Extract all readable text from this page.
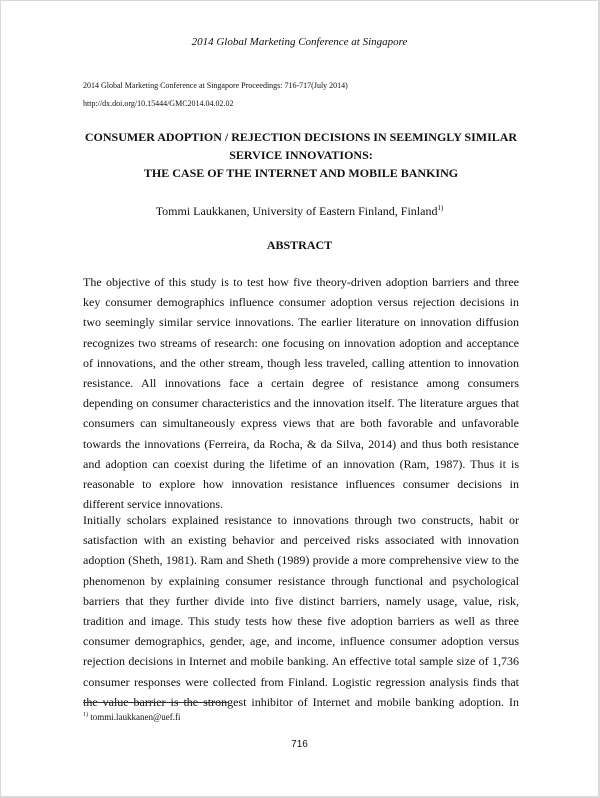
2014 Global Marketing Conference at Singapore
2014 Global Marketing Conference at Singapore Proceedings: 716-717(July 2014)
http://dx.doi.org/10.15444/GMC2014.04.02.02
CONSUMER ADOPTION / REJECTION DECISIONS IN SEEMINGLY SIMILAR
SERVICE INNOVATIONS:
THE CASE OF THE INTERNET AND MOBILE BANKING
Tommi Laukkanen, University of Eastern Finland, Finland$^{1)}$
ABSTRACT
The objective of this study is to test how five theory-driven adoption barriers and three
key consumer demographics influence consumer adoption versus rejection decisions in
two seemingly similar service innovations. The earlier literature on innovation diffusion
recognizes two streams of research: one focusing on innovation adoption and acceptance
of innovations, and the other stream, though less traveled, calling attention to innovation
resistance. All innovations face a certain degree of resistance among consumers
depending on consumer characteristics and the innovation itself. The literature argues that
consumers can simultaneously express views that are both favorable and unfavorable
towards the innovations (Ferreira, da Rocha, & da Silva, 2014) and thus both resistance
and adoption can coexist during the lifetime of an innovation (Ram, 1987). Thus it is
reasonable to explore how innovation resistance influences consumer decisions in
different service innovations.
Initially scholars explained resistance to innovations through two constructs, habit or
satisfaction with an existing behavior and perceived risks associated with innovation
adoption (Sheth, 1981). Ram and Sheth (1989) provide a more comprehensive view to the
phenomenon by explaining consumer resistance through functional and psychological
barriers that they further divide into five distinct barriers, namely usage, value, risk,
tradition and image. This study tests how these five adoption barriers as well as three
consumer demographics, gender, age, and income, influence consumer adoption versus
rejection decisions in Internet and mobile banking. An effective total sample size of 1,736
consumer responses were collected from Finland. Logistic regression analysis finds that
the value barrier is the strongest inhibitor of Internet and mobile banking adoption. In
$^{1)}$ tommi.laukkanen@uef.fi
716
